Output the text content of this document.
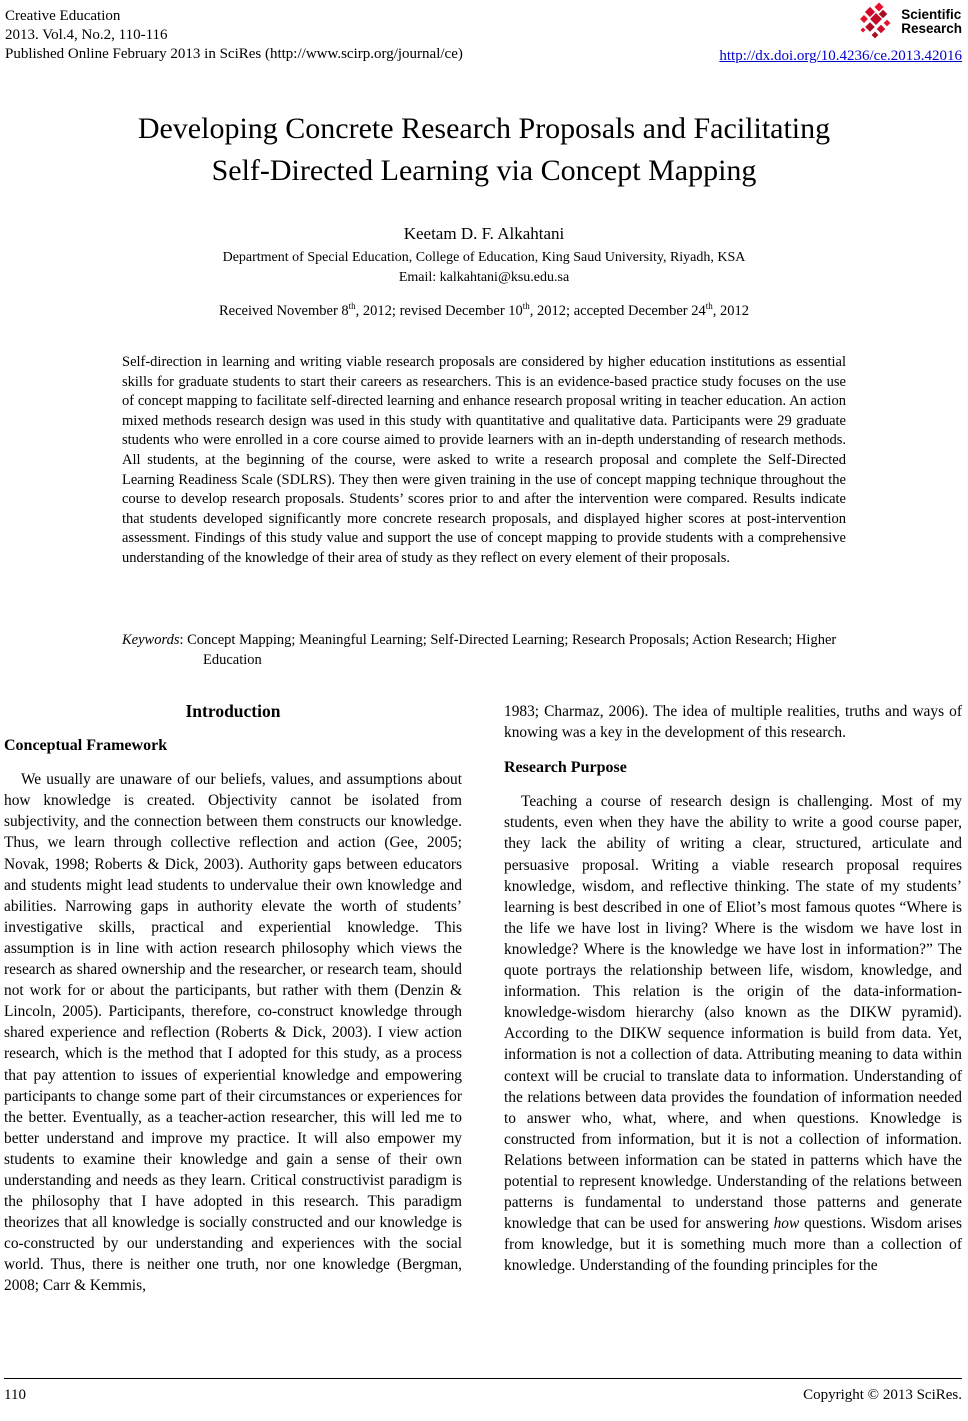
Creative Education
2013. Vol.4, No.2, 110-116
Published Online February 2013 in SciRes (http://www.scirp.org/journal/ce)
Scientific
Research
http://dx.doi.org/10.4236/ce.2013.42016
Developing Concrete Research Proposals and Facilitating
Self-Directed Learning via Concept Mapping
Keetam D. F. Alkahtani
Department of Special Education, College of Education, King Saud University, Riyadh, KSA
Email: kalkahtani@ksu.edu.sa
Received November 8th, 2012; revised December 10th, 2012; accepted December 24th, 2012
Self-direction in learning and writing viable research proposals are considered by higher education institutions as essential skills for graduate students to start their careers as researchers. This is an evidence-based practice study focuses on the use of concept mapping to facilitate self-directed learning and enhance research proposal writing in teacher education. An action mixed methods research design was used in this study with quantitative and qualitative data. Participants were 29 graduate students who were enrolled in a core course aimed to provide learners with an in-depth understanding of research methods. All students, at the beginning of the course, were asked to write a research proposal and complete the Self-Directed Learning Readiness Scale (SDLRS). They then were given training in the use of concept mapping technique throughout the course to develop research proposals. Students’ scores prior to and after the intervention were compared. Results indicate that students developed significantly more concrete research proposals, and displayed higher scores at post-intervention assessment. Findings of this study value and support the use of concept mapping to provide students with a comprehensive understanding of the knowledge of their area of study as they reflect on every element of their proposals.
Keywords: Concept Mapping; Meaningful Learning; Self-Directed Learning; Research Proposals; Action Research; Higher Education
Introduction
Conceptual Framework

We usually are unaware of our beliefs, values, and assumptions about how knowledge is created. Objectivity cannot be isolated from subjectivity, and the connection between them constructs our knowledge. Thus, we learn through collective reflection and action (Gee, 2005; Novak, 1998; Roberts & Dick, 2003). Authority gaps between educators and students might lead students to undervalue their own knowledge and abilities. Narrowing gaps in authority elevate the worth of students’ investigative skills, practical and experiential knowledge. This assumption is in line with action research philosophy which views the research as shared ownership and the researcher, or research team, should not work for or about the participants, but rather with them (Denzin & Lincoln, 2005). Participants, therefore, co-construct knowledge through shared experience and reflection (Roberts & Dick, 2003). I view action research, which is the method that I adopted for this study, as a process that pay attention to issues of experiential knowledge and empowering participants to change some part of their circumstances or experiences for the better. Eventually, as a teacher-action researcher, this will led me to better understand and improve my practice. It will also empower my students to examine their knowledge and gain a sense of their own understanding and needs as they learn. Critical constructivist paradigm is the philosophy that I have adopted in this research. This paradigm theorizes that all knowledge is socially constructed and our knowledge is co-constructed by our understanding and experiences with the social world. Thus, there is neither one truth, nor one knowledge (Bergman, 2008; Carr & Kemmis,

1983; Charmaz, 2006). The idea of multiple realities, truths and ways of knowing was a key in the development of this research.

Research Purpose

Teaching a course of research design is challenging. Most of my students, even when they have the ability to write a good course paper, they lack the ability of writing a clear, structured, articulate and persuasive proposal. Writing a viable research proposal requires knowledge, wisdom, and reflective thinking. The state of my students’ learning is best described in one of Eliot’s most famous quotes “Where is the life we have lost in living? Where is the wisdom we have lost in knowledge? Where is the knowledge we have lost in information?” The quote portrays the relationship between life, wisdom, knowledge, and information. This relation is the origin of the data-information-knowledge-wisdom hierarchy (also known as the DIKW pyramid). According to the DIKW sequence information is build from data. Yet, information is not a collection of data. Attributing meaning to data within context will be crucial to translate data to information. Understanding of the relations between data provides the foundation of information needed to answer who, what, where, and when questions. Knowledge is constructed from information, but it is not a collection of information. Relations between information can be stated in patterns which have the potential to represent knowledge. Understanding of the relations between patterns is fundamental to understand those patterns and generate knowledge that can be used for answering how questions. Wisdom arises from knowledge, but it is something much more than a collection of knowledge. Understanding of the founding principles for the

110	Copyright © 2013 SciRes.
